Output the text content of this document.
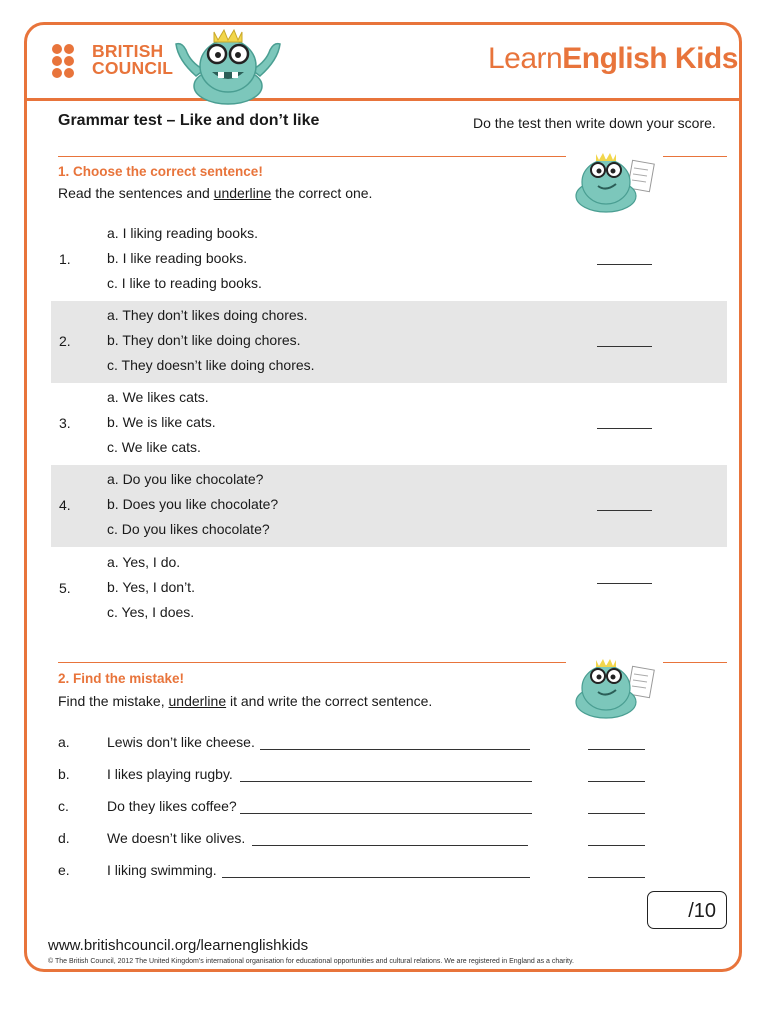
BRITISH
COUNCIL	LearnEnglish Kids
Grammar test – Like and don’t like	Do the test then write down your score.
1. Choose the correct sentence!
Read the sentences and underline the correct one.
1.
a. I liking reading books.
b. I like reading books.
c. I like to reading books.
2.
a. They don’t likes doing chores.
b. They don’t like doing chores.
c. They doesn’t like doing chores.
3.
a. We likes cats.
b. We is like cats.
c. We like cats.
4.
a. Do you like chocolate?
b. Does you like chocolate?
c. Do you likes chocolate?
5.
a. Yes, I do.
b. Yes, I don’t.
c. Yes, I does.
2. Find the mistake!
Find the mistake, underline it and write the correct sentence.
a.	Lewis don’t like cheese.
b.	I likes playing rugby.
c.	Do they likes coffee?
d.	We doesn’t like olives.
e.	I liking swimming.
/10
www.britishcouncil.org/learnenglishkids
© The British Council, 2012 The United Kingdom’s international organisation for educational opportunities and cultural relations. We are registered in England as a charity.
